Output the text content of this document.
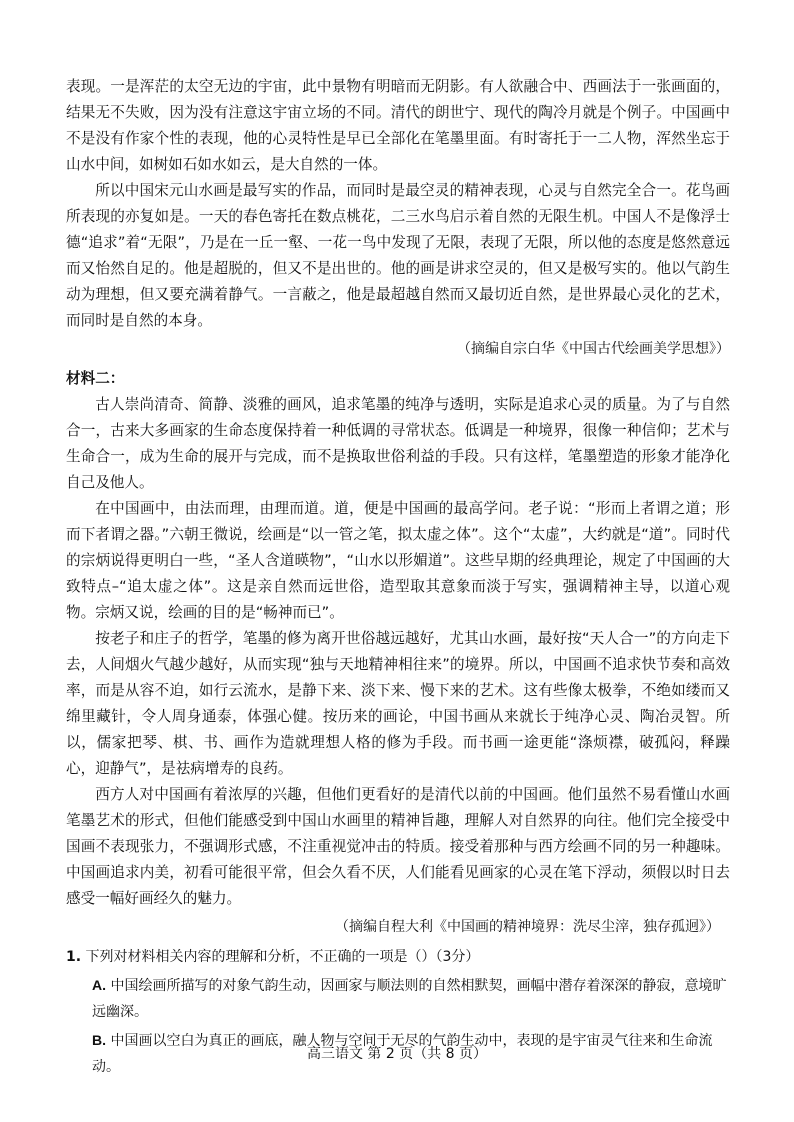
表现。一是浑茫的太空无边的宇宙，此中景物有明暗而无阴影。有人欲融合中、西画法于一张画面的，结果无不失败，因为没有注意这宇宙立场的不同。清代的朗世宁、现代的陶冷月就是个例子。中国画中不是没有作家个性的表现，他的心灵特性是早已全部化在笔墨里面。有时寄托于一二人物，浑然坐忘于山水中间，如树如石如水如云，是大自然的一体。

所以中国宋元山水画是最写实的作品，而同时是最空灵的精神表现，心灵与自然完全合一。花鸟画所表现的亦复如是。一天的春色寄托在数点桃花，二三水鸟启示着自然的无限生机。中国人不是像浮士德“追求”着“无限”，乃是在一丘一壑、一花一鸟中发现了无限，表现了无限，所以他的态度是悠然意远而又怡然自足的。他是超脱的，但又不是出世的。他的画是讲求空灵的，但又是极写实的。他以气韵生动为理想，但又要充满着静气。一言蔽之，他是最超越自然而又最切近自然，是世界最心灵化的艺术，而同时是自然的本身。

（摘编自宗白华《中国古代绘画美学思想》）

材料二：

古人崇尚清奇、简静、淡雅的画风，追求笔墨的纯净与透明，实际是追求心灵的质量。为了与自然合一，古来大多画家的生命态度保持着一种低调的寻常状态。低调是一种境界，很像一种信仰；艺术与生命合一，成为生命的展开与完成，而不是换取世俗利益的手段。只有这样，笔墨塑造的形象才能净化自己及他人。

在中国画中，由法而理，由理而道。道，便是中国画的最高学问。老子说：“形而上者谓之道；形而下者谓之器。”六朝王微说，绘画是“以一管之笔，拟太虚之体”。这个“太虚”，大约就是“道”。同时代的宗炳说得更明白一些，“圣人含道暎物”，“山水以形媚道”。这些早期的经典理论，规定了中国画的大致特点–“追太虚之体”。这是亲自然而远世俗，造型取其意象而淡于写实，强调精神主导，以道心观物。宗炳又说，绘画的目的是“畅神而已”。

按老子和庄子的哲学，笔墨的修为离开世俗越远越好，尤其山水画，最好按“天人合一”的方向走下去，人间烟火气越少越好，从而实现“独与天地精神相往来”的境界。所以，中国画不追求快节奏和高效率，而是从容不迫，如行云流水，是静下来、淡下来、慢下来的艺术。这有些像太极拳，不绝如缕而又绵里藏针，令人周身通泰，体强心健。按历来的画论，中国书画从来就长于纯净心灵、陶冶灵智。所以，儒家把琴、棋、书、画作为造就理想人格的修为手段。而书画一途更能“涤烦襟，破孤闷，释躁心，迎静气”，是祛病增寿的良药。

西方人对中国画有着浓厚的兴趣，但他们更看好的是清代以前的中国画。他们虽然不易看懂山水画笔墨艺术的形式，但他们能感受到中国山水画里的精神旨趣，理解人对自然界的向往。他们完全接受中国画不表现张力，不强调形式感，不注重视觉冲击的特质。接受着那种与西方绘画不同的另一种趣味。中国画追求内美，初看可能很平常，但会久看不厌，人们能看见画家的心灵在笔下浮动，须假以时日去感受一幅好画经久的魅力。

（摘编自程大利《中国画的精神境界：洗尽尘滓，独存孤迥》）

1. 下列对材料相关内容的理解和分析，不正确的一项是（）（3分）
A. 中国绘画所描写的对象气韵生动，因画家与顺法则的自然相默契，画幅中潜存着深深的静寂，意境旷远幽深。
B. 中国画以空白为真正的画底，融人物与空间于无尽的气韵生动中，表现的是宇宙灵气往来和生命流动。
高三语文 第 2 页（共 8 页）
